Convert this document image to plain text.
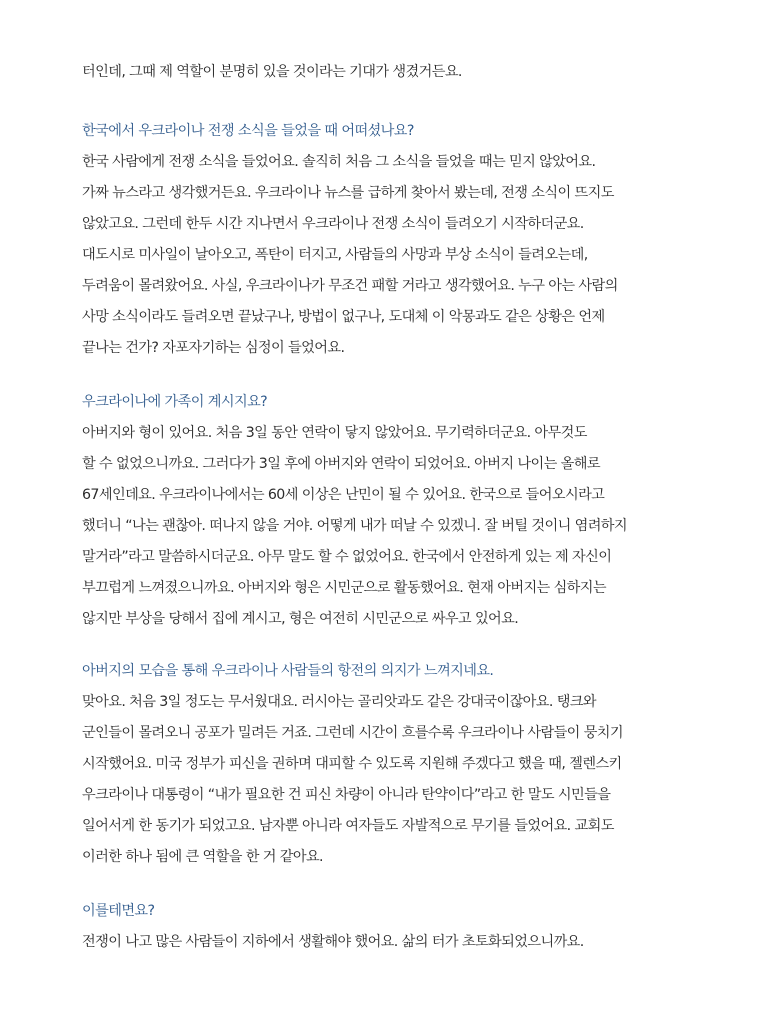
터인데, 그때 제 역할이 분명히 있을 것이라는 기대가 생겼거든요.
한국에서 우크라이나 전쟁 소식을 들었을 때 어떠셨나요?
한국 사람에게 전쟁 소식을 들었어요. 솔직히 처음 그 소식을 들었을 때는 믿지 않았어요.
가짜 뉴스라고 생각했거든요. 우크라이나 뉴스를 급하게 찾아서 봤는데, 전쟁 소식이 뜨지도
않았고요. 그런데 한두 시간 지나면서 우크라이나 전쟁 소식이 들려오기 시작하더군요.
대도시로 미사일이 날아오고, 폭탄이 터지고, 사람들의 사망과 부상 소식이 들려오는데,
두려움이 몰려왔어요. 사실, 우크라이나가 무조건 패할 거라고 생각했어요. 누구 아는 사람의
사망 소식이라도 들려오면 끝났구나, 방법이 없구나, 도대체 이 악몽과도 같은 상황은 언제
끝나는 건가? 자포자기하는 심정이 들었어요.
우크라이나에 가족이 계시지요?
아버지와 형이 있어요. 처음 3일 동안 연락이 닿지 않았어요. 무기력하더군요. 아무것도
할 수 없었으니까요. 그러다가 3일 후에 아버지와 연락이 되었어요. 아버지 나이는 올해로
67세인데요. 우크라이나에서는 60세 이상은 난민이 될 수 있어요. 한국으로 들어오시라고
했더니 “나는 괜찮아. 떠나지 않을 거야. 어떻게 내가 떠날 수 있겠니. 잘 버틸 것이니 염려하지
말거라”라고 말씀하시더군요. 아무 말도 할 수 없었어요. 한국에서 안전하게 있는 제 자신이
부끄럽게 느껴졌으니까요. 아버지와 형은 시민군으로 활동했어요. 현재 아버지는 심하지는
않지만 부상을 당해서 집에 계시고, 형은 여전히 시민군으로 싸우고 있어요.
아버지의 모습을 통해 우크라이나 사람들의 항전의 의지가 느껴지네요.
맞아요. 처음 3일 정도는 무서웠대요. 러시아는 골리앗과도 같은 강대국이잖아요. 탱크와
군인들이 몰려오니 공포가 밀려든 거죠. 그런데 시간이 흐를수록 우크라이나 사람들이 뭉치기
시작했어요. 미국 정부가 피신을 권하며 대피할 수 있도록 지원해 주겠다고 했을 때, 젤렌스키
우크라이나 대통령이 “내가 필요한 건 피신 차량이 아니라 탄약이다”라고 한 말도 시민들을
일어서게 한 동기가 되었고요. 남자뿐 아니라 여자들도 자발적으로 무기를 들었어요. 교회도
이러한 하나 됨에 큰 역할을 한 거 같아요.
이를테면요?
전쟁이 나고 많은 사람들이 지하에서 생활해야 했어요. 삶의 터가 초토화되었으니까요.
